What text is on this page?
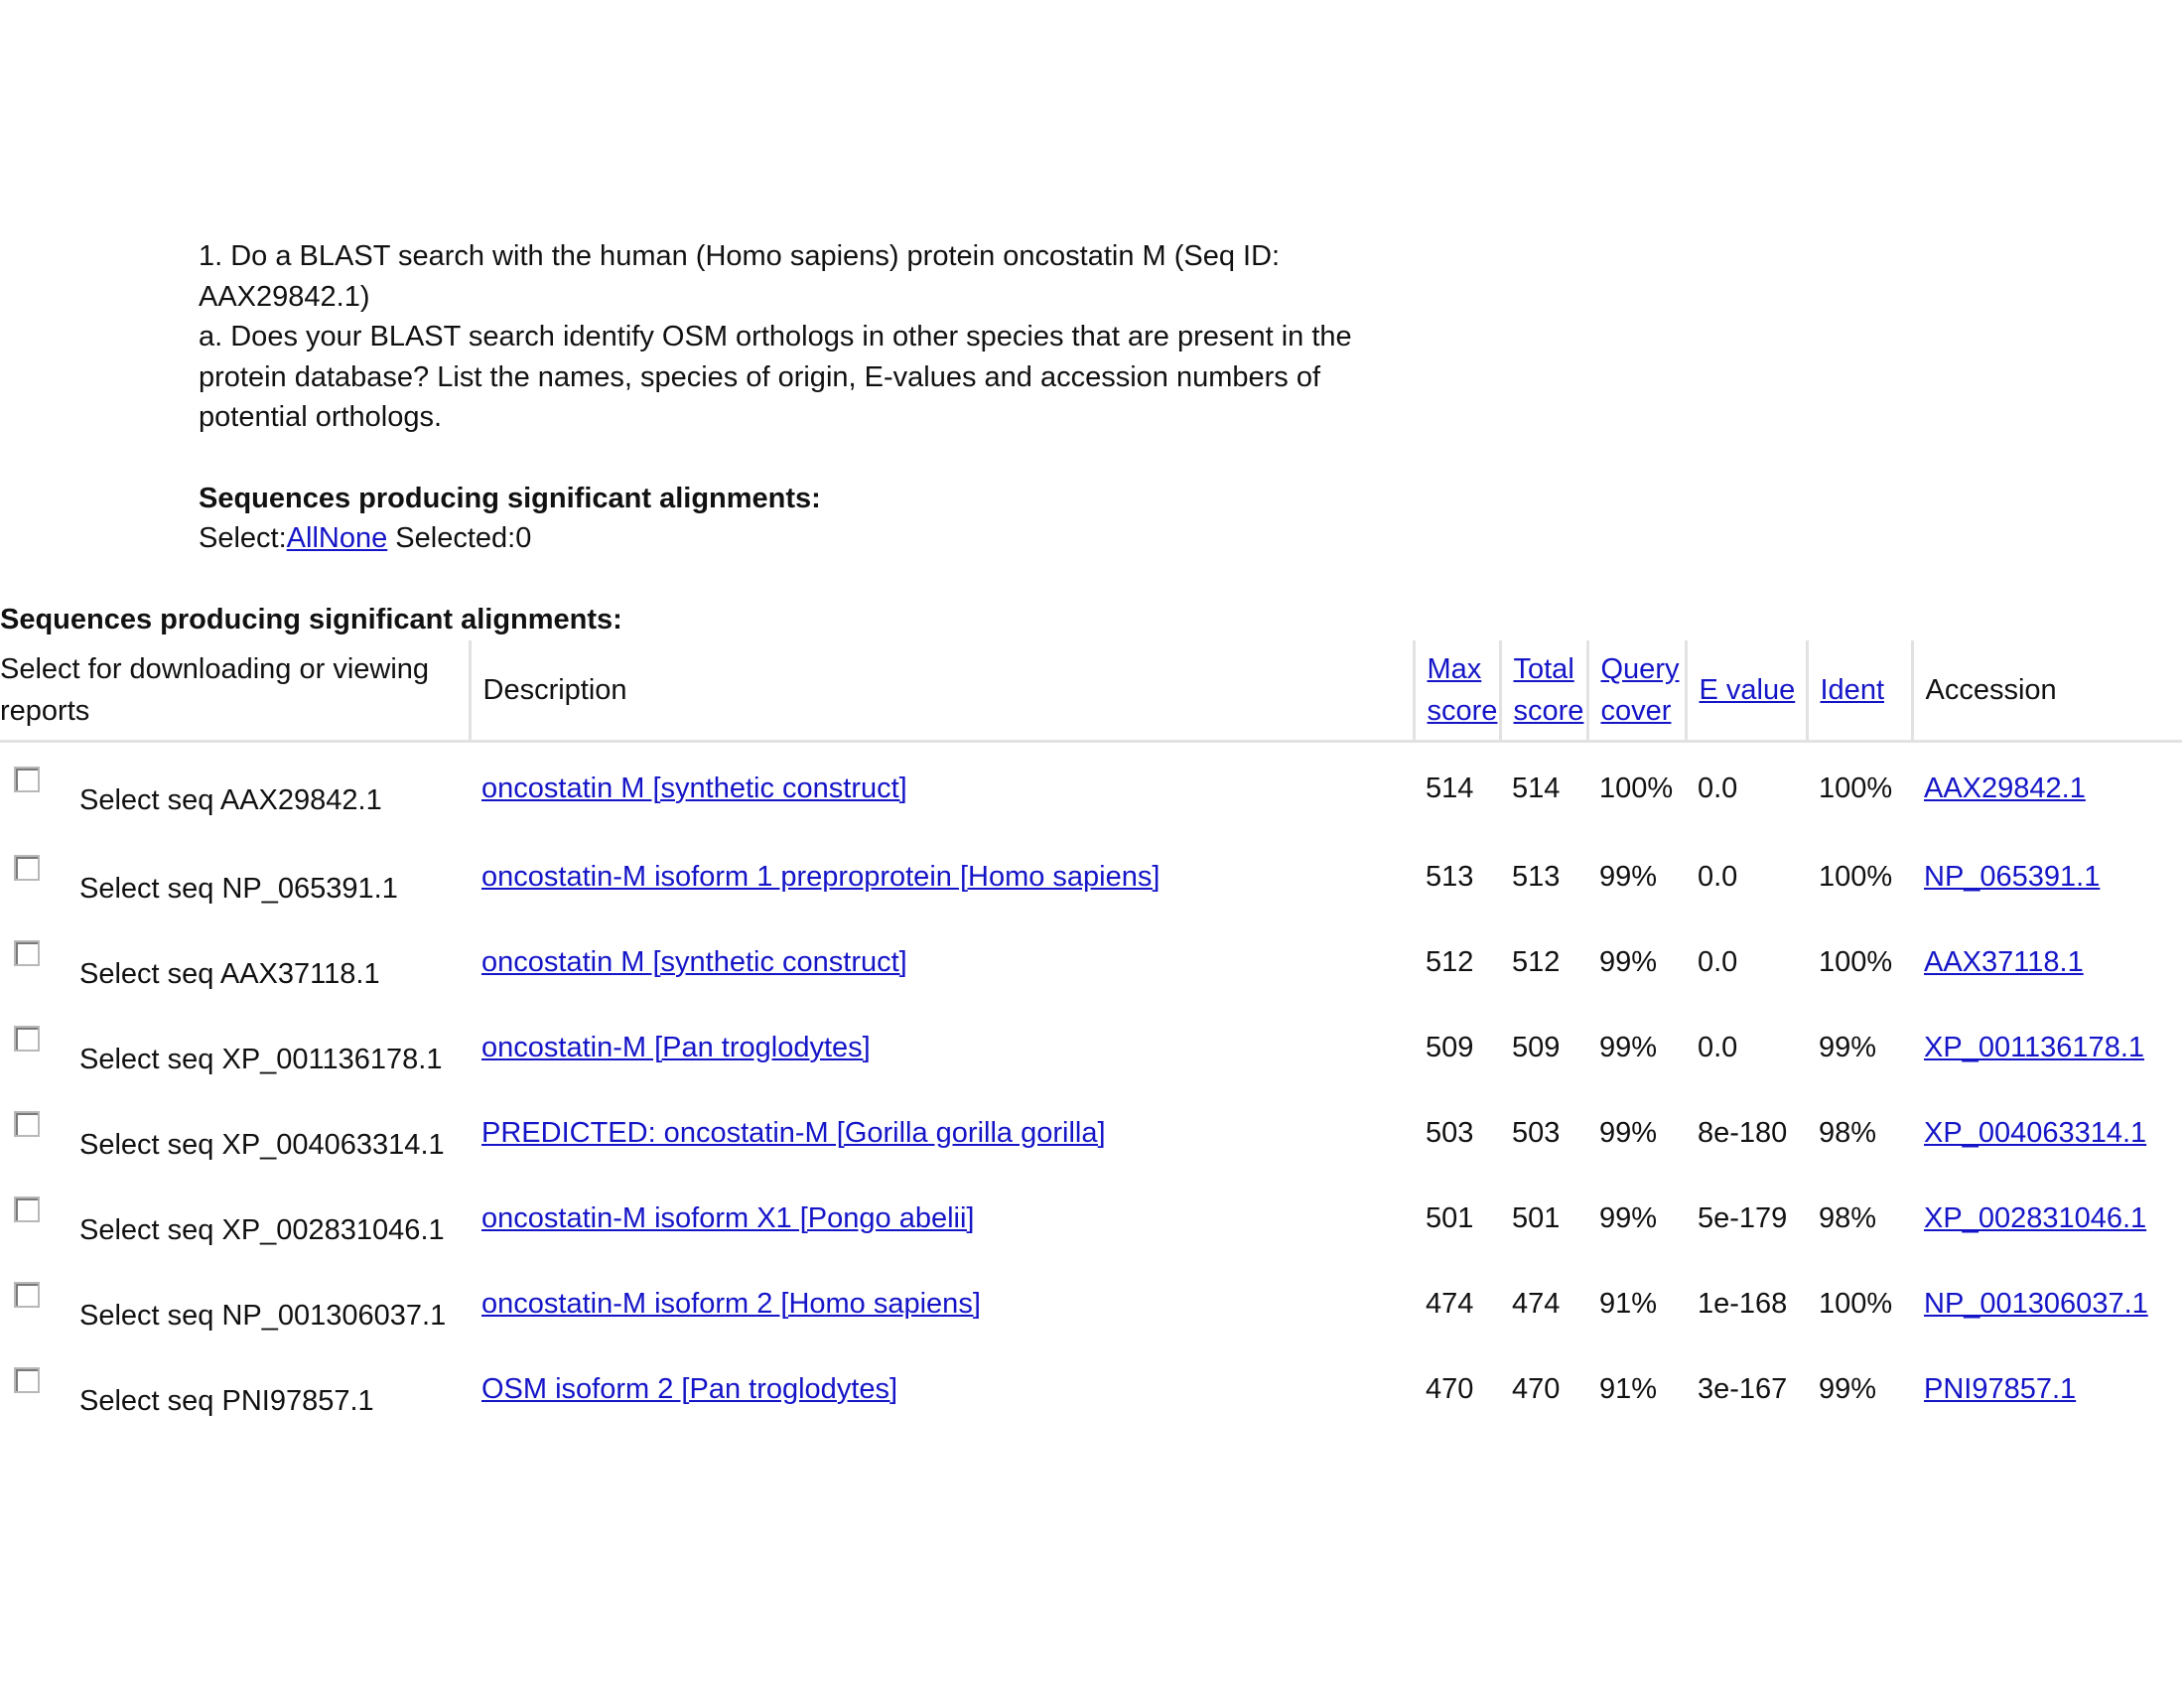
1. Do a BLAST search with the human (Homo sapiens) protein oncostatin M (Seq ID: AAX29842.1)

a. Does your BLAST search identify OSM orthologs in other species that are present in the protein database? List the names, species of origin, E-values and accession numbers of potential orthologs.

Sequences producing significant alignments:
Select:AllNone Selected:0
Sequences producing significant alignments:
Select for downloading or viewing reports	Description	Max score	Total score	Query cover	E value	Ident	Accession
Select seq AAX29842.1	oncostatin M [synthetic construct]	514	514	100%	0.0	100%	AAX29842.1
Select seq NP_065391.1	oncostatin-M isoform 1 preproprotein [Homo sapiens]	513	513	99%	0.0	100%	NP_065391.1
Select seq AAX37118.1	oncostatin M [synthetic construct]	512	512	99%	0.0	100%	AAX37118.1
Select seq XP_001136178.1	oncostatin-M [Pan troglodytes]	509	509	99%	0.0	99%	XP_001136178.1
Select seq XP_004063314.1	PREDICTED: oncostatin-M [Gorilla gorilla gorilla]	503	503	99%	8e-180	98%	XP_004063314.1
Select seq XP_002831046.1	oncostatin-M isoform X1 [Pongo abelii]	501	501	99%	5e-179	98%	XP_002831046.1
Select seq NP_001306037.1	oncostatin-M isoform 2 [Homo sapiens]	474	474	91%	1e-168	100%	NP_001306037.1
Select seq PNI97857.1	OSM isoform 2 [Pan troglodytes]	470	470	91%	3e-167	99%	PNI97857.1
